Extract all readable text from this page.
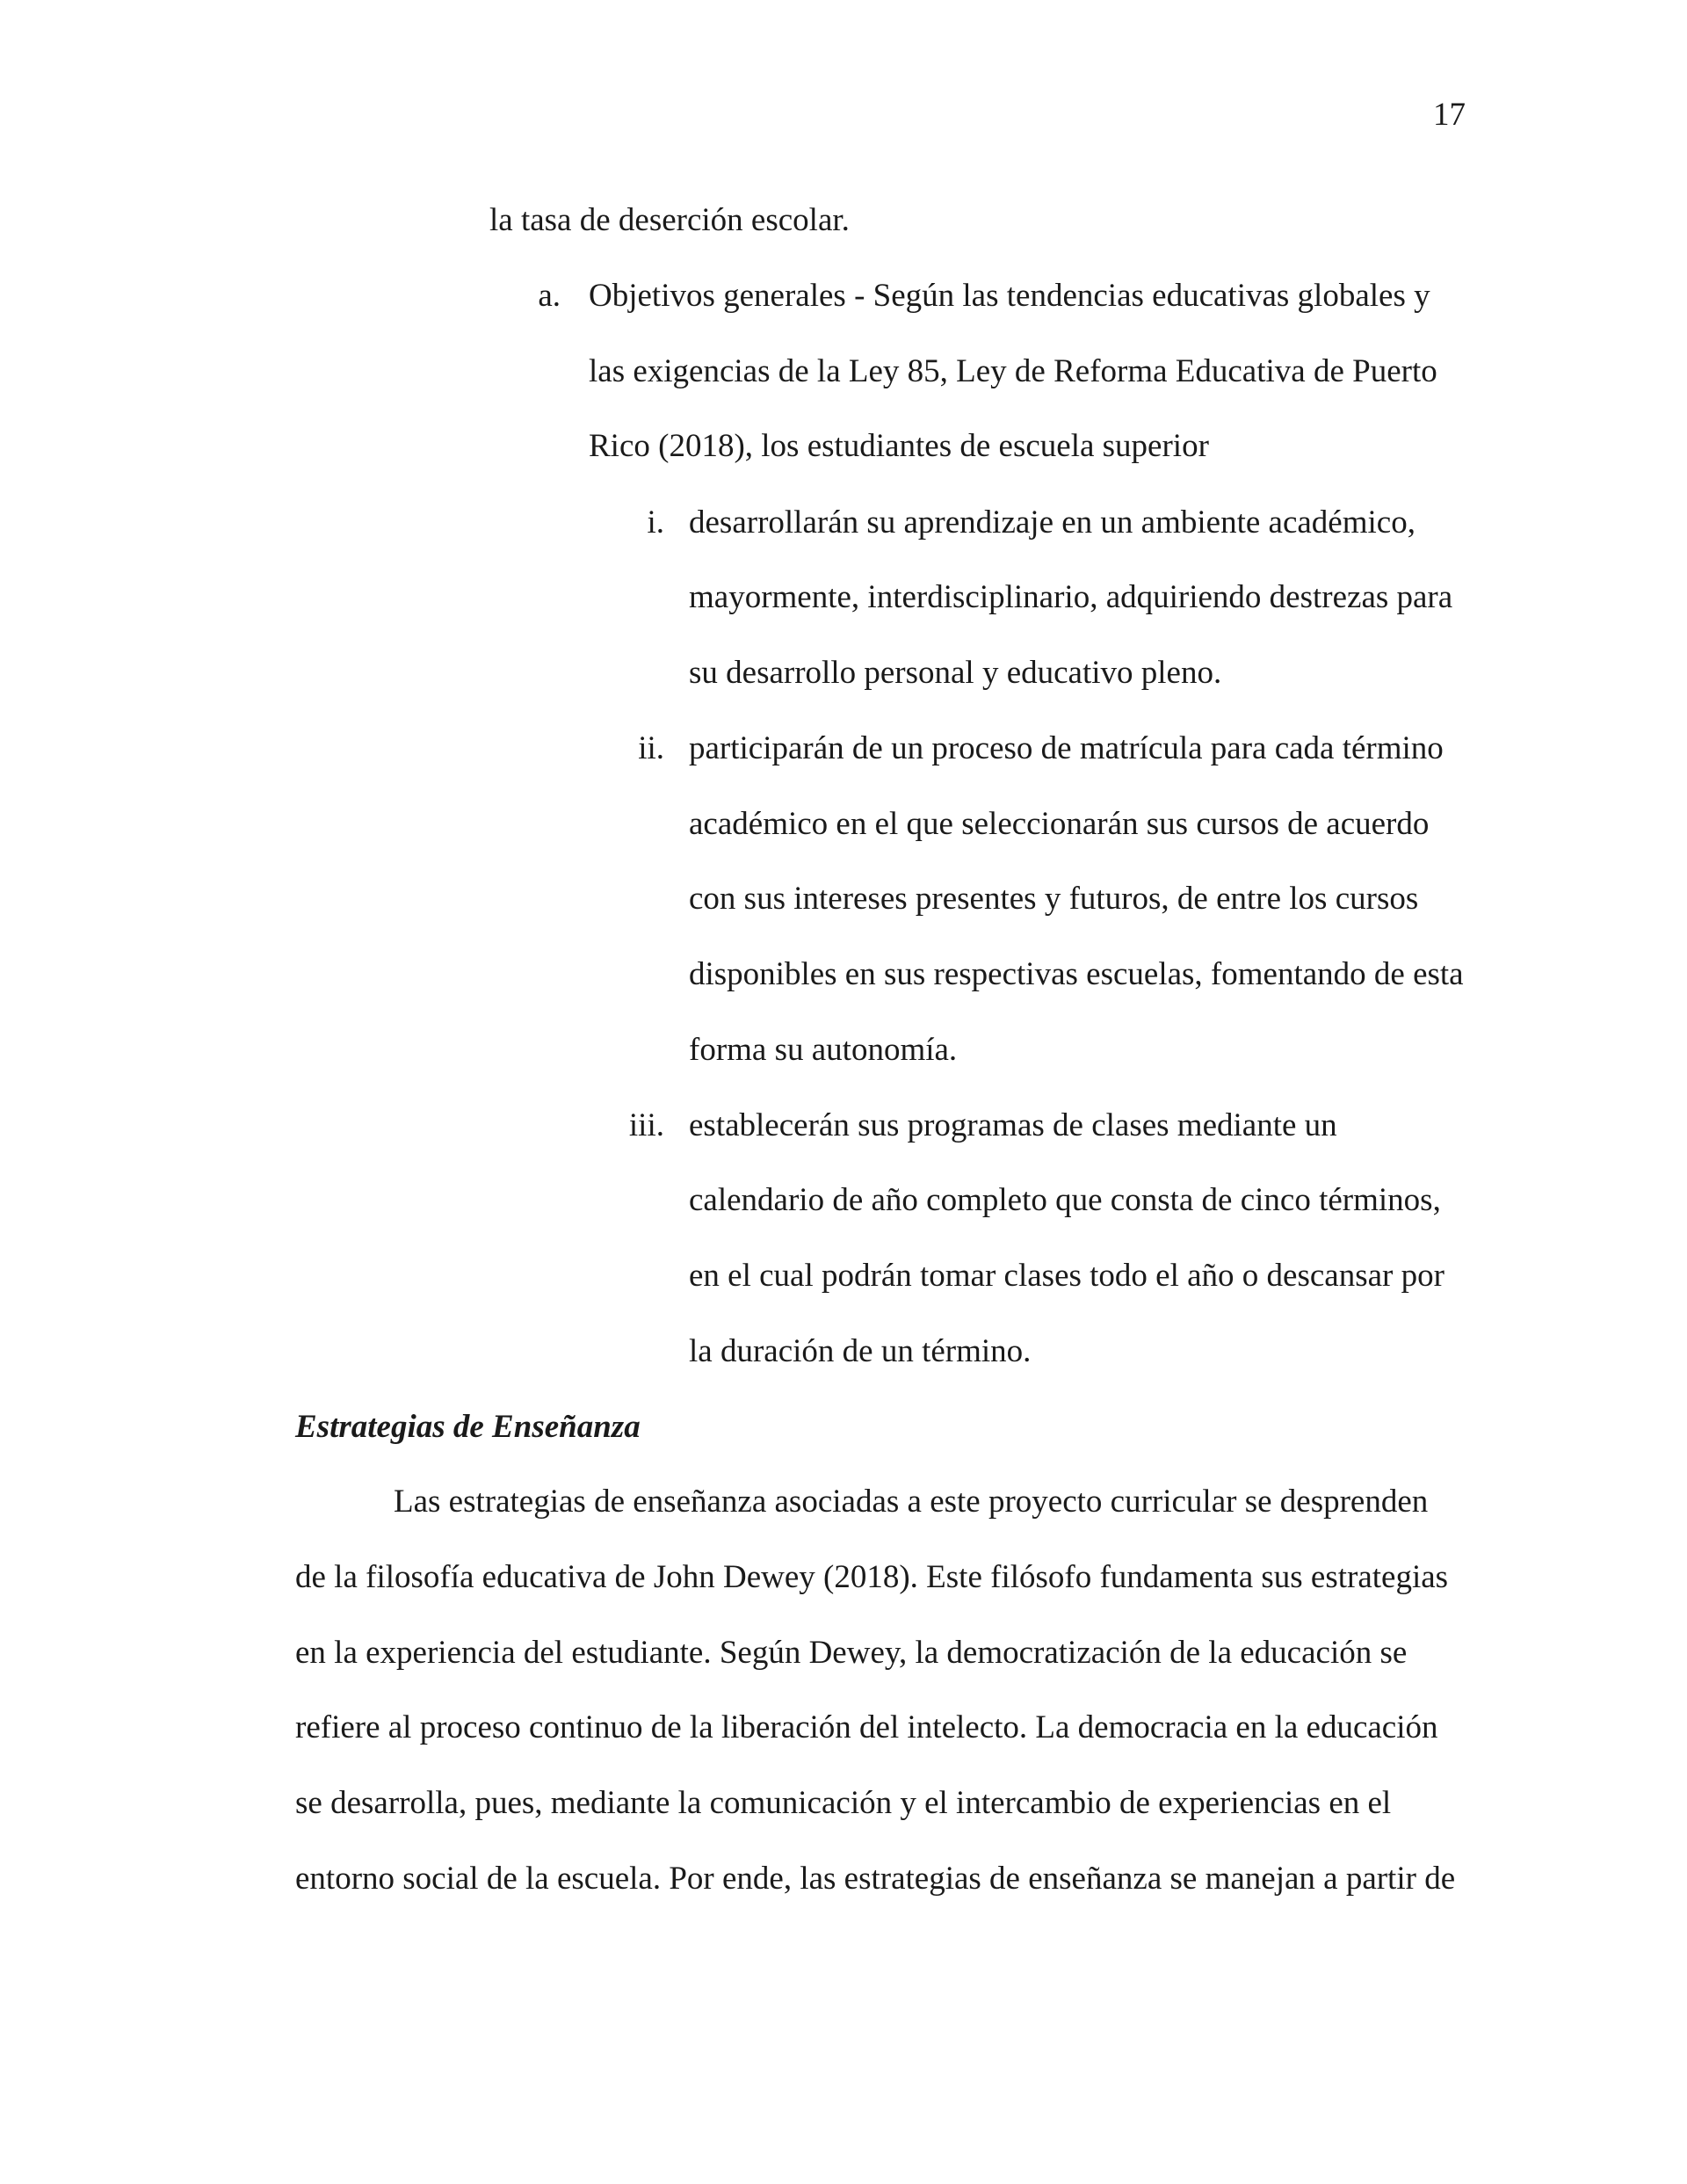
17
la tasa de deserción escolar.
a. Objetivos generales - Según las tendencias educativas globales y
las exigencias de la Ley 85, Ley de Reforma Educativa de Puerto
Rico (2018), los estudiantes de escuela superior
i. desarrollarán su aprendizaje en un ambiente académico,
mayormente, interdisciplinario, adquiriendo destrezas para
su desarrollo personal y educativo pleno.
ii. participarán de un proceso de matrícula para cada término
académico en el que seleccionarán sus cursos de acuerdo
con sus intereses presentes y futuros, de entre los cursos
disponibles en sus respectivas escuelas, fomentando de esta
forma su autonomía.
iii. establecerán sus programas de clases mediante un
calendario de año completo que consta de cinco términos,
en el cual podrán tomar clases todo el año o descansar por
la duración de un término.
Estrategias de Enseñanza
Las estrategias de enseñanza asociadas a este proyecto curricular se desprenden
de la filosofía educativa de John Dewey (2018). Este filósofo fundamenta sus estrategias
en la experiencia del estudiante. Según Dewey, la democratización de la educación se
refiere al proceso continuo de la liberación del intelecto. La democracia en la educación
se desarrolla, pues, mediante la comunicación y el intercambio de experiencias en el
entorno social de la escuela. Por ende, las estrategias de enseñanza se manejan a partir de
